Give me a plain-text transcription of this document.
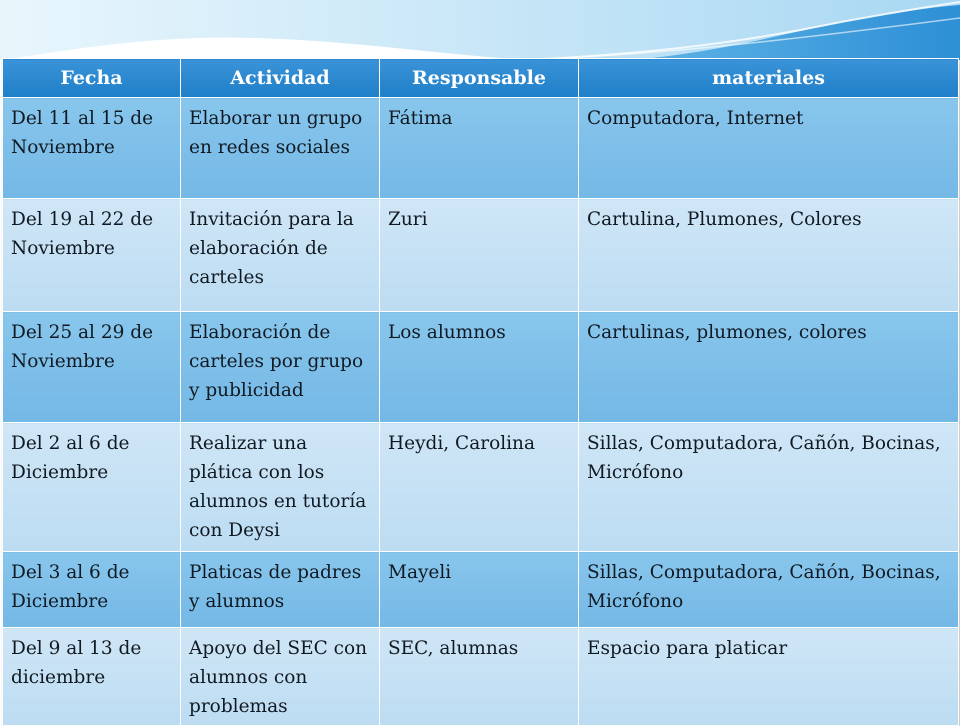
Fecha	Actividad	Responsable	materiales
Del 11 al 15 de Noviembre	Elaborar un grupo en redes sociales	Fátima	Computadora, Internet
Del 19 al 22 de Noviembre	Invitación para la elaboración de carteles	Zuri	Cartulina, Plumones, Colores
Del 25 al 29 de Noviembre	Elaboración de carteles por grupo y publicidad	Los alumnos	Cartulinas, plumones, colores
Del 2 al 6 de Diciembre	Realizar una plática con los alumnos en tutoría con Deysi	Heydi, Carolina	Sillas, Computadora, Cañón, Bocinas, Micrófono
Del 3 al 6 de Diciembre	Platicas de padres y alumnos	Mayeli	Sillas, Computadora, Cañón, Bocinas, Micrófono
Del 9 al 13 de diciembre	Apoyo del SEC con alumnos con problemas	SEC, alumnas	Espacio para platicar
